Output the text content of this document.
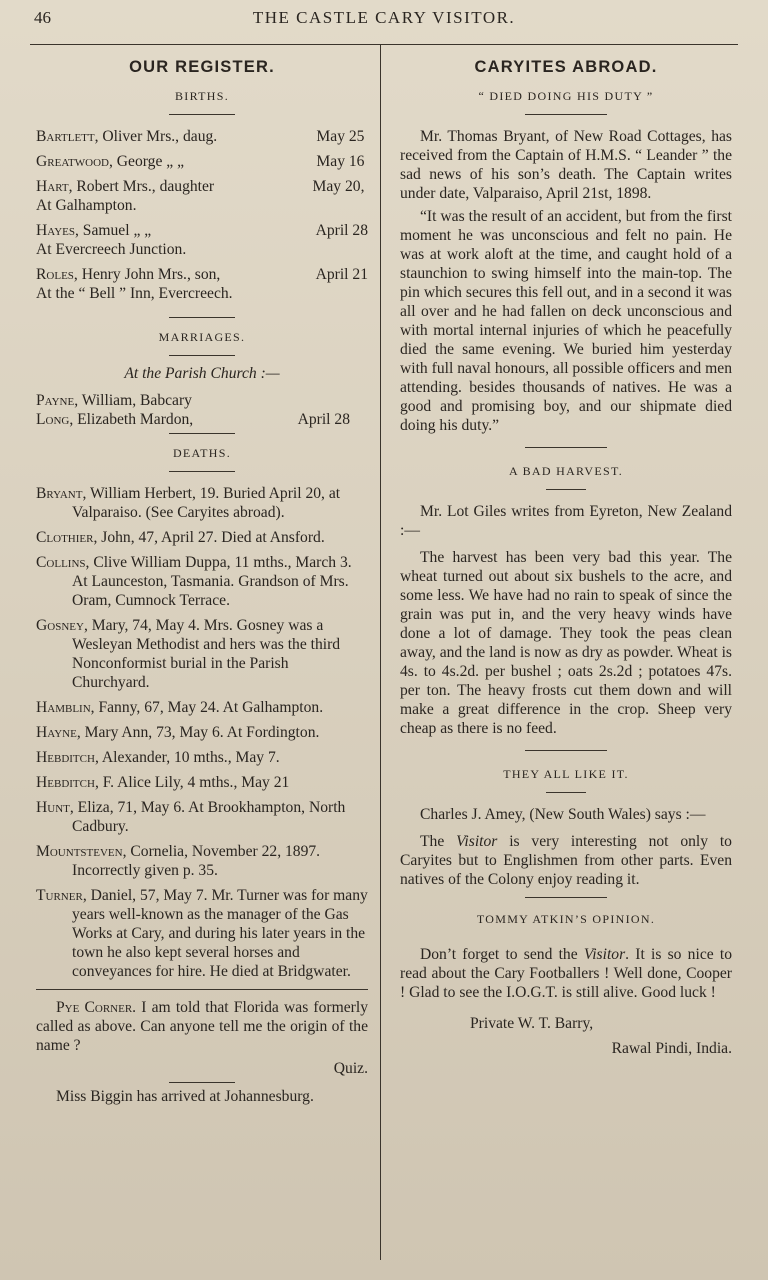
46	THE CASTLE CARY VISITOR.
OUR REGISTER.
BIRTHS.
Bartlett, Oliver Mrs., daug.	May 25
Greatwood, George „ „	May 16
Hart, Robert Mrs., daughter	May 20,
At Galhampton.
Hayes, Samuel „ „	April 28
At Evercreech Junction.
Roles, Henry John Mrs., son,	April 21
At the “ Bell ” Inn, Evercreech.
MARRIAGES.
At the Parish Church :—
Payne, William, Babcary
Long, Elizabeth Mardon,	April 28
DEATHS.
Bryant, William Herbert, 19. Buried April 20, at Valparaiso. (See Caryites abroad).
Clothier, John, 47, April 27. Died at Ansford.
Collins, Clive William Duppa, 11 mths., March 3. At Launceston, Tasmania. Grandson of Mrs. Oram, Cumnock Terrace.
Gosney, Mary, 74, May 4. Mrs. Gosney was a Wesleyan Methodist and hers was the third Nonconformist burial in the Parish Churchyard.
Hamblin, Fanny, 67, May 24. At Galhampton.
Hayne, Mary Ann, 73, May 6. At Fordington.
Hebditch, Alexander, 10 mths., May 7.
Hebditch, F. Alice Lily, 4 mths., May 21
Hunt, Eliza, 71, May 6. At Brookhampton, North Cadbury.
Mountsteven, Cornelia, November 22, 1897. Incorrectly given p. 35.
Turner, Daniel, 57, May 7. Mr. Turner was for many years well-known as the manager of the Gas Works at Cary, and during his later years in the town he also kept several horses and conveyances for hire. He died at Bridgwater.
Pye Corner. I am told that Florida was formerly called as above. Can anyone tell me the origin of the name ?
Quiz.
Miss Biggin has arrived at Johannesburg.
CARYITES ABROAD.
“ DIED DOING HIS DUTY ”
Mr. Thomas Bryant, of New Road Cottages, has received from the Captain of H.M.S. “ Leander ” the sad news of his son’s death. The Captain writes under date, Valparaiso, April 21st, 1898.
“It was the result of an accident, but from the first moment he was unconscious and felt no pain. He was at work aloft at the time, and caught hold of a staunchion to swing himself into the main-top. The pin which secures this fell out, and in a second it was all over and he had fallen on deck unconscious and with mortal internal injuries of which he peacefully died the same evening. We buried him yesterday with full naval honours, all possible officers and men attending. besides thousands of natives. He was a good and promising boy, and our shipmate died doing his duty.”
A BAD HARVEST.
Mr. Lot Giles writes from Eyreton, New Zealand :—
The harvest has been very bad this year. The wheat turned out about six bushels to the acre, and some less. We have had no rain to speak of since the grain was put in, and the very heavy winds have done a lot of damage. They took the peas clean away, and the land is now as dry as powder. Wheat is 4s. to 4s.2d. per bushel ; oats 2s.2d ; potatoes 47s. per ton. The heavy frosts cut them down and will make a great difference in the crop. Sheep very cheap as there is no feed.
THEY ALL LIKE IT.
Charles J. Amey, (New South Wales) says :—
The Visitor is very interesting not only to Caryites but to Englishmen from other parts. Even natives of the Colony enjoy reading it.
TOMMY ATKIN’S OPINION.
Don’t forget to send the Visitor. It is so nice to read about the Cary Footballers ! Well done, Cooper ! Glad to see the I.O.G.T. is still alive. Good luck !
Private W. T. Barry,
Rawal Pindi, India.
